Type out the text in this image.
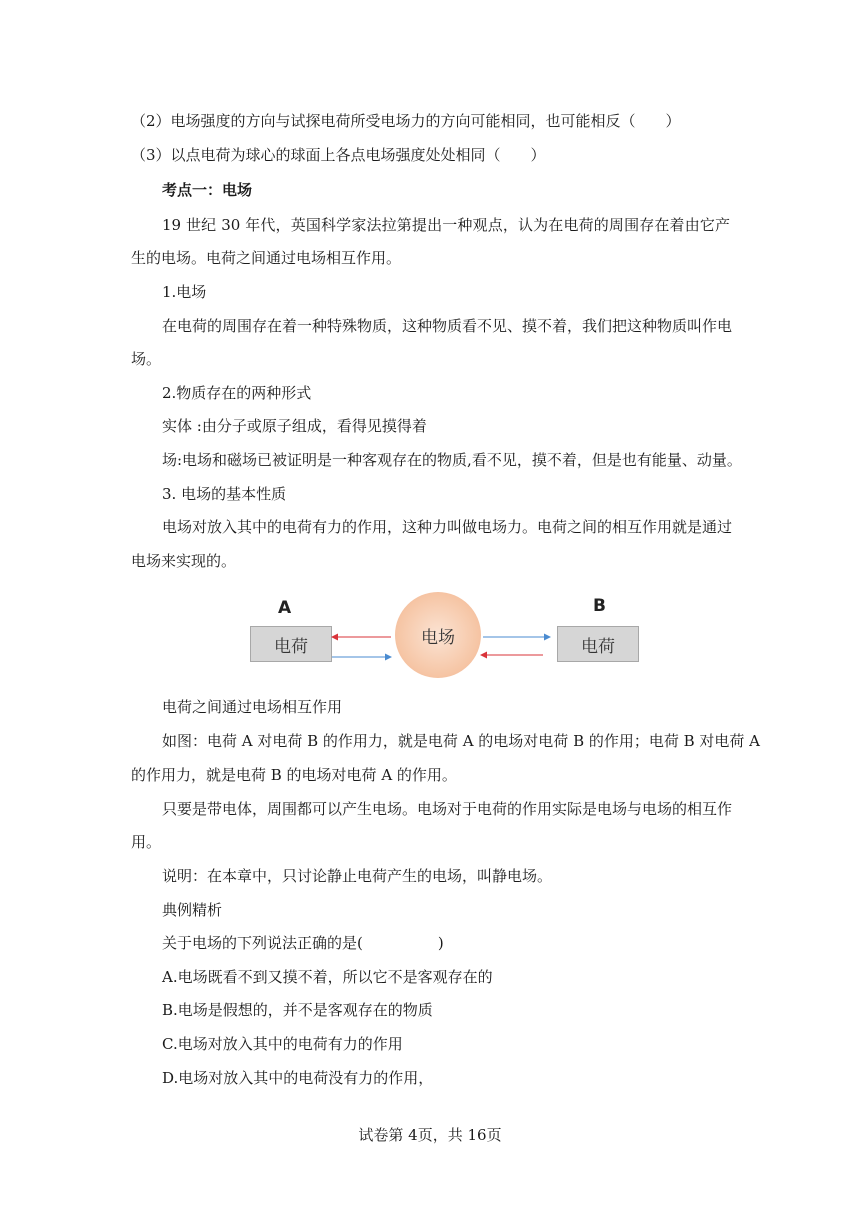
（2）电场强度的方向与试探电荷所受电场力的方向可能相同，也可能相反（　　）
（3）以点电荷为球心的球面上各点电场强度处处相同（　　）
考点一：电场
19 世纪 30 年代，英国科学家法拉第提出一种观点，认为在电荷的周围存在着由它产
生的电场。电荷之间通过电场相互作用。
1.电场
在电荷的周围存在着一种特殊物质，这种物质看不见、摸不着，我们把这种物质叫作电
场。
2.物质存在的两种形式
实体 :由分子或原子组成，看得见摸得着
场:电场和磁场已被证明是一种客观存在的物质,看不见，摸不着，但是也有能量、动量。
3. 电场的基本性质
电场对放入其中的电荷有力的作用，这种力叫做电场力。电荷之间的相互作用就是通过
电场来实现的。
A	B
电荷	电场	电荷
电荷之间通过电场相互作用
如图：电荷 A 对电荷 B 的作用力，就是电荷 A 的电场对电荷 B 的作用；电荷 B 对电荷 A
的作用力，就是电荷 B 的电场对电荷 A 的作用。
只要是带电体，周围都可以产生电场。电场对于电荷的作用实际是电场与电场的相互作
用。
说明：在本章中，只讨论静止电荷产生的电场，叫静电场。
典例精析
关于电场的下列说法正确的是(　　　　　)
A.电场既看不到又摸不着，所以它不是客观存在的
B.电场是假想的，并不是客观存在的物质
C.电场对放入其中的电荷有力的作用
D.电场对放入其中的电荷没有力的作用，
试卷第 4页，共 16页
